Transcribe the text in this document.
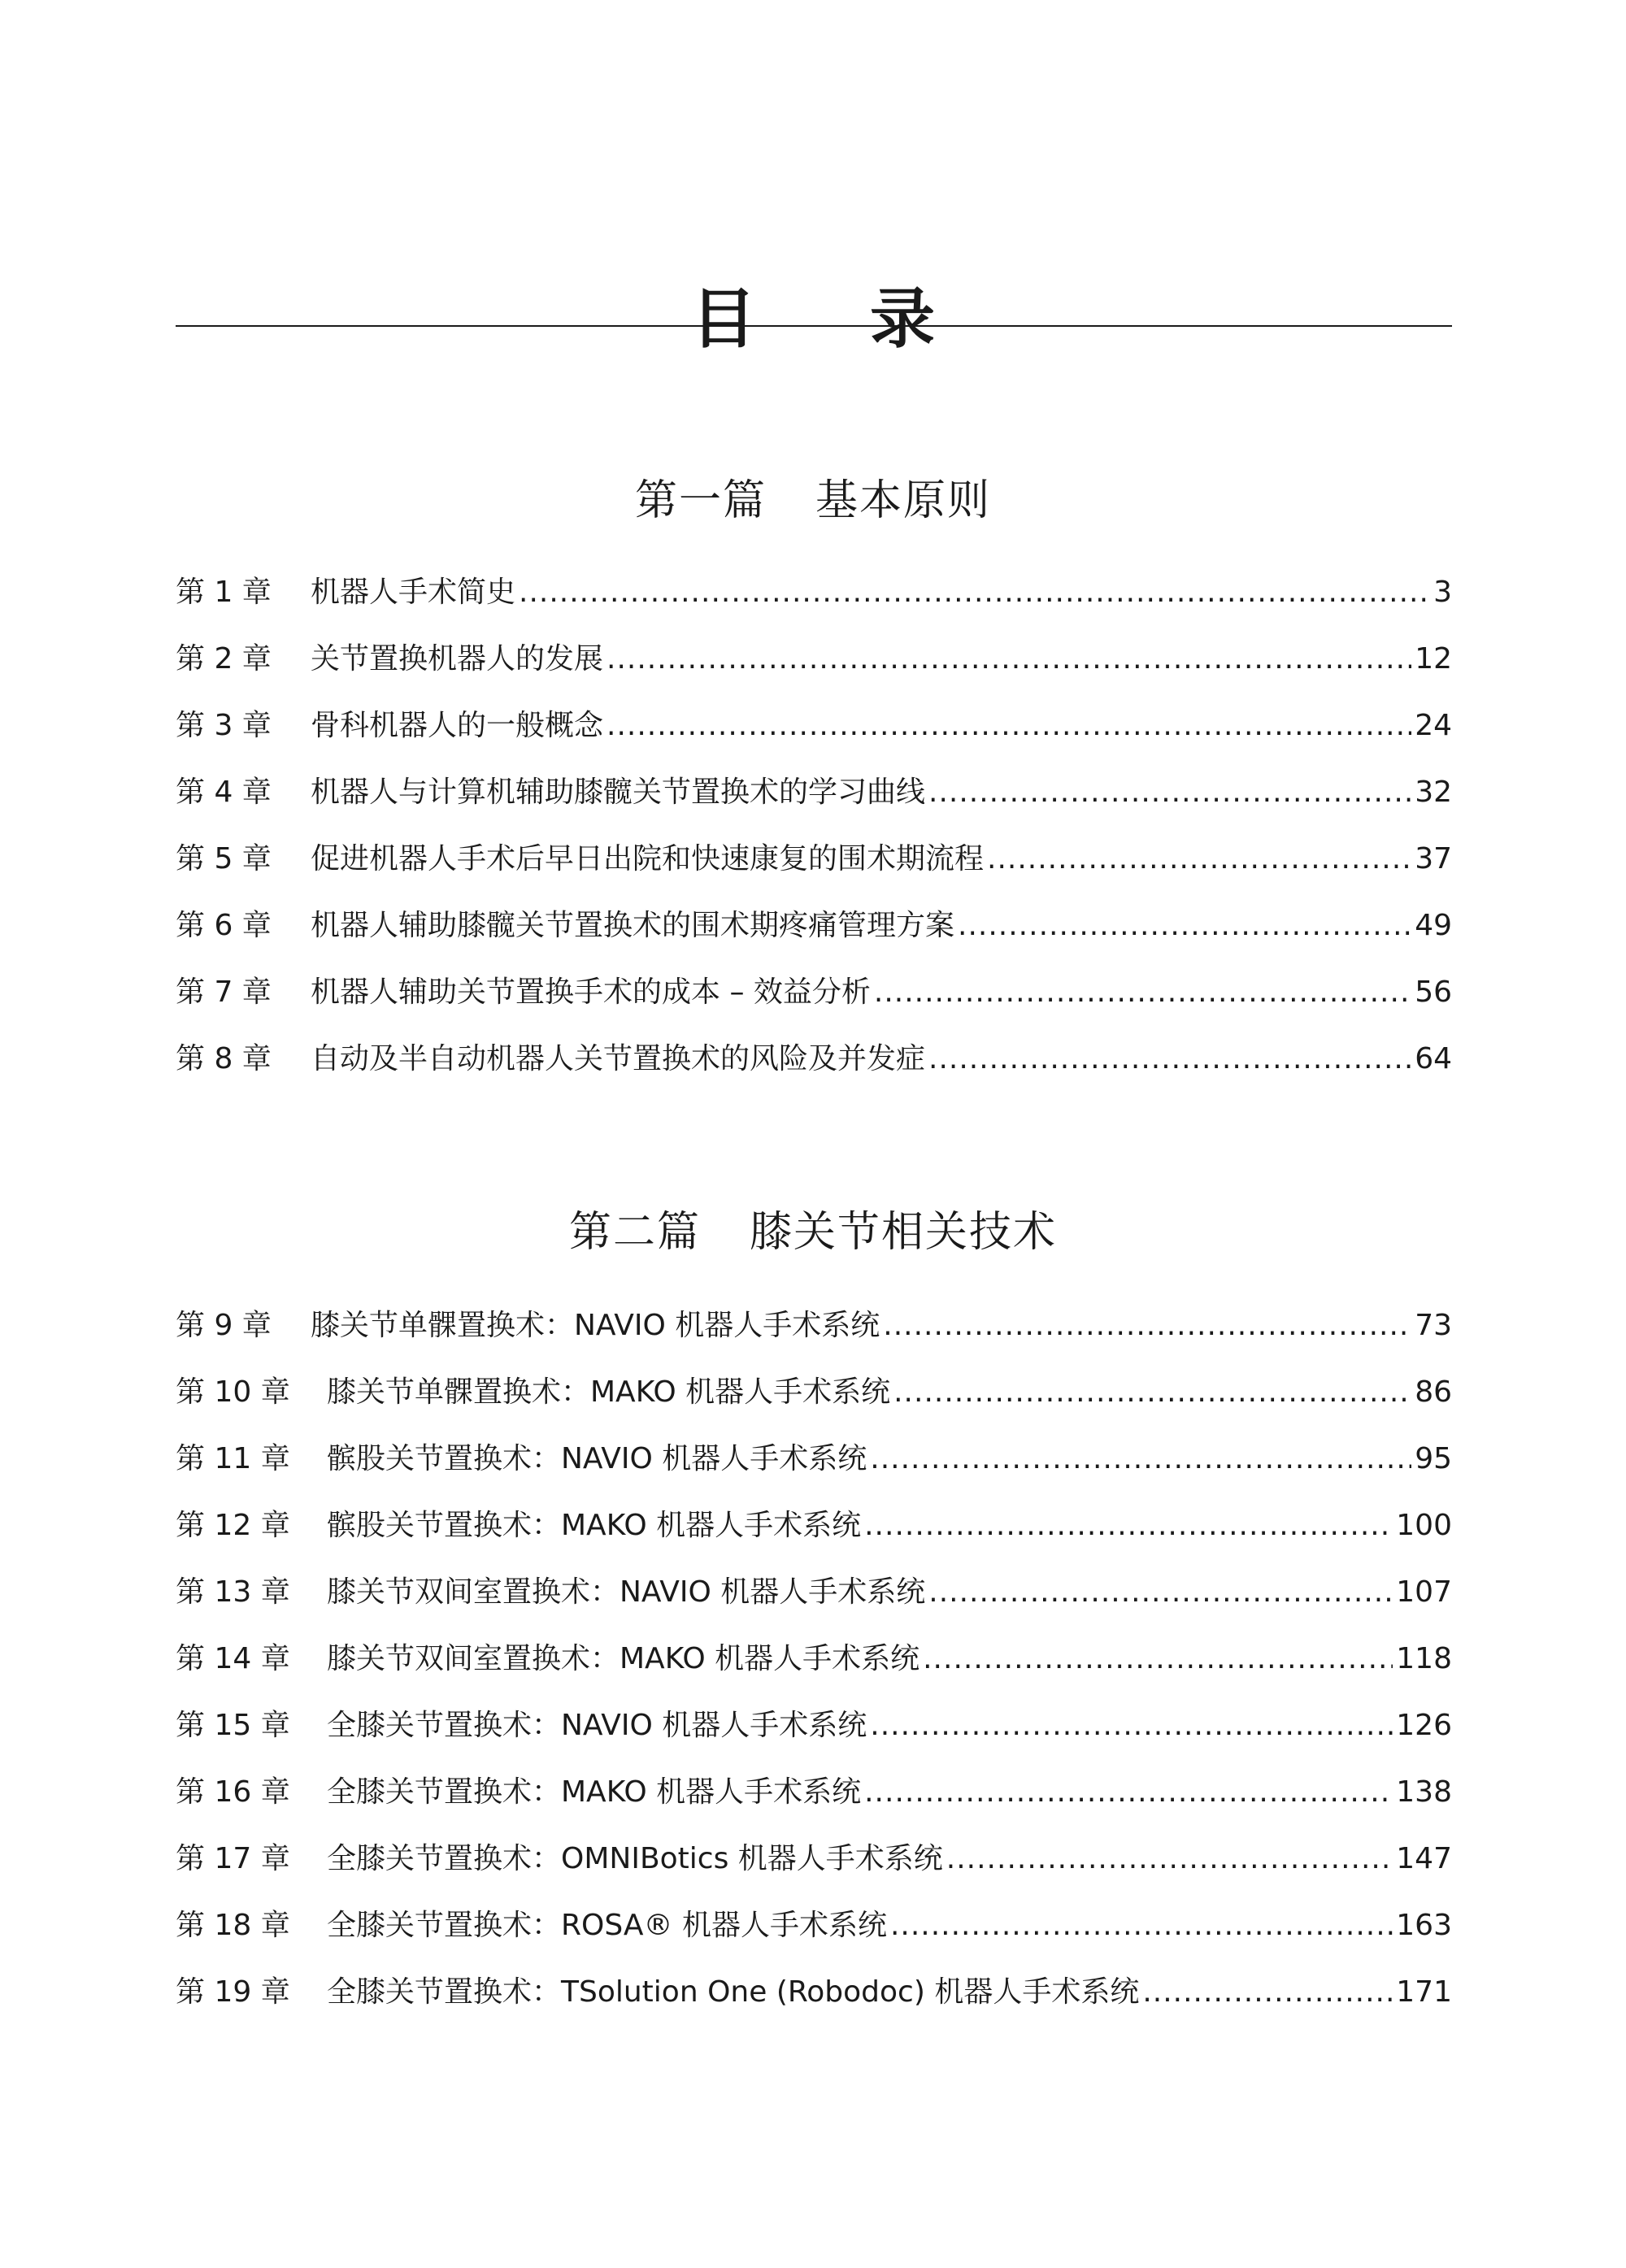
目 录
第一篇 基本原则
第 1 章	机器人手术简史 .....	3
第 2 章	关节置换机器人的发展 .....	12
第 3 章	骨科机器人的一般概念 .....	24
第 4 章	机器人与计算机辅助膝髋关节置换术的学习曲线 .....	32
第 5 章	促进机器人手术后早日出院和快速康复的围术期流程 .....	37
第 6 章	机器人辅助膝髋关节置换术的围术期疼痛管理方案 .....	49
第 7 章	机器人辅助关节置换手术的成本 – 效益分析 .....	56
第 8 章	自动及半自动机器人关节置换术的风险及并发症 .....	64
第二篇 膝关节相关技术
第 9 章	膝关节单髁置换术：NAVIO 机器人手术系统 .....	73
第 10 章	膝关节单髁置换术：MAKO 机器人手术系统 .....	86
第 11 章	髌股关节置换术：NAVIO 机器人手术系统 .....	95
第 12 章	髌股关节置换术：MAKO 机器人手术系统 .....	100
第 13 章	膝关节双间室置换术：NAVIO 机器人手术系统 .....	107
第 14 章	膝关节双间室置换术：MAKO 机器人手术系统 .....	118
第 15 章	全膝关节置换术：NAVIO 机器人手术系统 .....	126
第 16 章	全膝关节置换术：MAKO 机器人手术系统 .....	138
第 17 章	全膝关节置换术：OMNIBotics 机器人手术系统 .....	147
第 18 章	全膝关节置换术：ROSA® 机器人手术系统 .....	163
第 19 章	全膝关节置换术：TSolution One (Robodoc) 机器人手术系统 .....	171
